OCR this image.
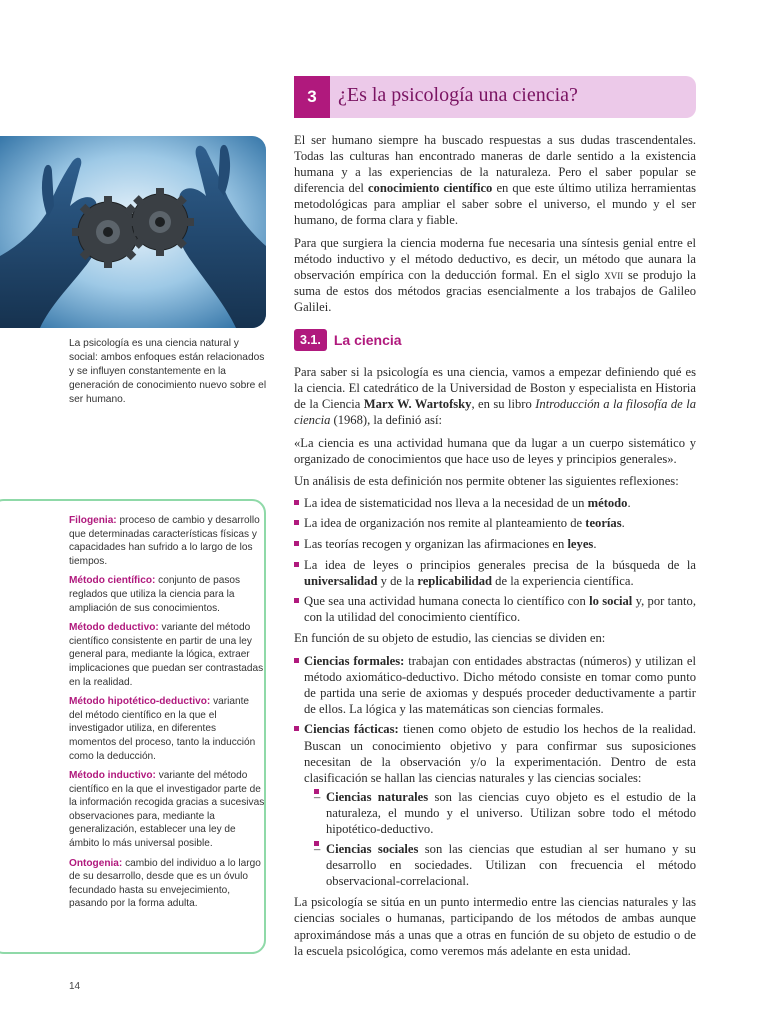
3	¿Es la psicología una ciencia?
La psicología es una ciencia natural y social: ambos enfoques están relacionados y se influyen constantemente en la generación de conocimiento nuevo sobre el ser humano.
Filogenia: proceso de cambio y desarrollo que determinadas características físicas y capacidades han sufrido a lo largo de los tiempos.
Método científico: conjunto de pasos reglados que utiliza la ciencia para la ampliación de sus conocimientos.
Método deductivo: variante del método científico consistente en partir de una ley general para, mediante la lógica, extraer implicaciones que puedan ser contrastadas en la realidad.
Método hipotético-deductivo: variante del método científico en la que el investigador utiliza, en diferentes momentos del proceso, tanto la inducción como la deducción.
Método inductivo: variante del método científico en la que el investigador parte de la información recogida gracias a sucesivas observaciones para, mediante la generalización, establecer una ley de ámbito lo más universal posible.
Ontogenia: cambio del individuo a lo largo de su desarrollo, desde que es un óvulo fecundado hasta su envejecimiento, pasando por la forma adulta.

El ser humano siempre ha buscado respuestas a sus dudas trascendentales. Todas las culturas han encontrado maneras de darle sentido a la existencia humana y a las experiencias de la naturaleza. Pero el saber popular se diferencia del conocimiento científico en que este último utiliza herramientas metodológicas para ampliar el saber sobre el universo, el mundo y el ser humano, de forma clara y fiable.

Para que surgiera la ciencia moderna fue necesaria una síntesis genial entre el método inductivo y el método deductivo, es decir, un método que aunara la observación empírica con la deducción formal. En el siglo xvii se produjo la suma de estos dos métodos gracias esencialmente a los trabajos de Galileo Galilei.

3.1. La ciencia

Para saber si la psicología es una ciencia, vamos a empezar definiendo qué es la ciencia. El catedrático de la Universidad de Boston y especialista en Historia de la Ciencia Marx W. Wartofsky, en su libro Introducción a la filosofía de la ciencia (1968), la definió así:

«La ciencia es una actividad humana que da lugar a un cuerpo sistemático y organizado de conocimientos que hace uso de leyes y principios generales».

Un análisis de esta definición nos permite obtener las siguientes reflexiones:

La idea de sistematicidad nos lleva a la necesidad de un método.
La idea de organización nos remite al planteamiento de teorías.
Las teorías recogen y organizan las afirmaciones en leyes.
La idea de leyes o principios generales precisa de la búsqueda de la universalidad y de la replicabilidad de la experiencia científica.
Que sea una actividad humana conecta lo científico con lo social y, por tanto, con la utilidad del conocimiento científico.

En función de su objeto de estudio, las ciencias se dividen en:

Ciencias formales: trabajan con entidades abstractas (números) y utilizan el método axiomático-deductivo. Dicho método consiste en tomar como punto de partida una serie de axiomas y después proceder deductivamente a partir de ellos. La lógica y las matemáticas son ciencias formales.
Ciencias fácticas: tienen como objeto de estudio los hechos de la realidad. Buscan un conocimiento objetivo y para confirmar sus suposiciones necesitan de la observación y/o la experimentación. Dentro de esta clasificación se hallan las ciencias naturales y las ciencias sociales:
– Ciencias naturales son las ciencias cuyo objeto es el estudio de la naturaleza, el mundo y el universo. Utilizan sobre todo el método hipotético-deductivo.
– Ciencias sociales son las ciencias que estudian al ser humano y su desarrollo en sociedades. Utilizan con frecuencia el método observacional-correlacional.

La psicología se sitúa en un punto intermedio entre las ciencias naturales y las ciencias sociales o humanas, participando de los métodos de ambas aunque aproximándose más a unas que a otras en función de su objeto de estudio o de la escuela psicológica, como veremos más adelante en esta unidad.

14
